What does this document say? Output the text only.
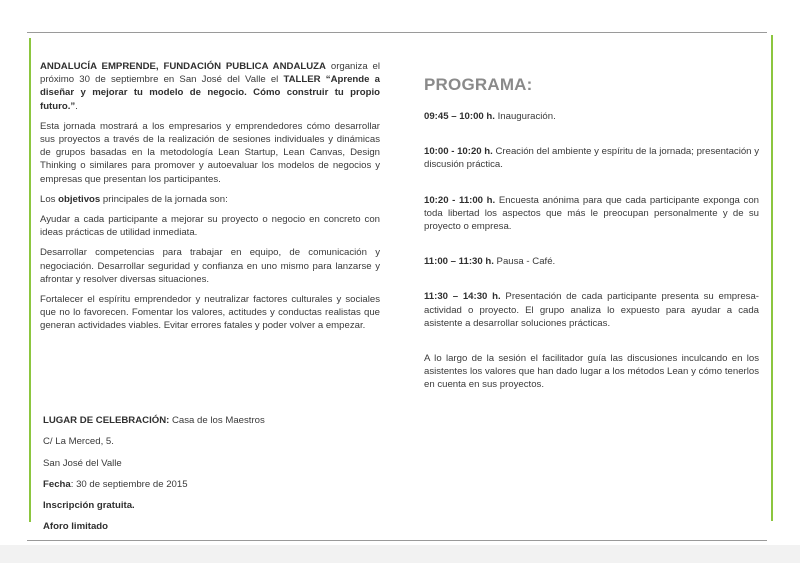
ANDALUCÍA EMPRENDE, FUNDACIÓN PUBLICA ANDALUZA organiza el próximo 30 de septiembre en San José del Valle el TALLER “Aprende a diseñar y mejorar tu modelo de negocio. Cómo construir tu propio futuro.”.

Esta jornada mostrará a los empresarios y emprendedores cómo desarrollar sus proyectos a través de la realización de sesiones individuales y dinámicas de grupos basadas en la metodología Lean Startup, Lean Canvas, Design Thinking o similares para promover y autoevaluar los modelos de negocios y empresas que presentan los participantes.

Los objetivos principales de la jornada son:

Ayudar a cada participante a mejorar su proyecto o negocio en concreto con ideas prácticas de utilidad inmediata.

Desarrollar competencias para trabajar en equipo, de comunicación y negociación. Desarrollar seguridad y confianza en uno mismo para lanzarse y afrontar y resolver diversas situaciones.

Fortalecer el espíritu emprendedor y neutralizar factores culturales y sociales que no lo favorecen. Fomentar los valores, actitudes y conductas realistas que generan actividades viables. Evitar errores fatales y poder volver a empezar.

LUGAR DE CELEBRACIÓN: Casa de los Maestros

C/ La Merced, 5.

San José del Valle

Fecha: 30 de septiembre de 2015

Inscripción gratuita.

Aforo limitado

PROGRAMA:

09:45 – 10:00 h. Inauguración.

10:00 - 10:20 h. Creación del ambiente y espíritu de la jornada; presentación y discusión práctica.

10:20 - 11:00 h. Encuesta anónima para que cada participante exponga con toda libertad los aspectos que más le preocupan personalmente y de su proyecto o empresa.

11:00 – 11:30 h. Pausa - Café.

11:30 – 14:30 h. Presentación de cada participante presenta su empresa-actividad o proyecto. El grupo analiza lo expuesto para ayudar a cada asistente a desarrollar soluciones prácticas.

A lo largo de la sesión el facilitador guía las discusiones inculcando en los asistentes los valores que han dado lugar a los métodos Lean y cómo tenerlos en cuenta en sus proyectos.
